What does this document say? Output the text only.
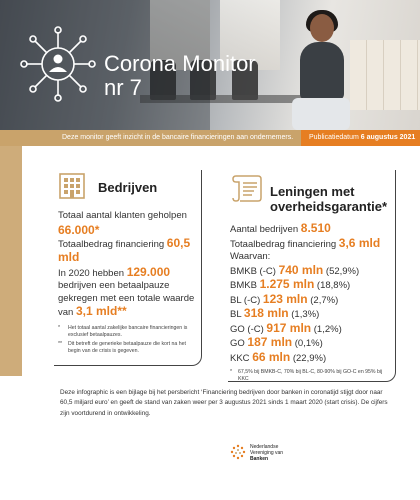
Corona Monitor
nr 7
Deze monitor geeft inzicht in de bancaire financieringen aan ondernemers.	Publicatiedatum 6 augustus 2021
Bedrijven
Totaal aantal klanten geholpen
66.000*
Totaalbedrag financiering 60,5 mld
In 2020 hebben 129.000 bedrijven een betaalpauze gekregen met een totale waarde van 3,1 mld**
*	Het totaal aantal zakelijke bancaire financieringen is exclusief betaalpauzes.
**	Dit betreft de generieke betaalpauze die kort na het begin van de crisis is gegeven.
Leningen met
overheidsgarantie*
Aantal bedrijven 8.510
Totaalbedrag financiering 3,6 mld
Waarvan:
BMKB (-C) 740 mln (52,9%)
BMKB 1.275 mln (18,8%)
BL (-C) 123 mln (2,7%)
BL 318 mln (1,3%)
GO (-C) 917 mln (1,2%)
GO 187 mln (0,1%)
KKC 66 mln (22,9%)
*	67,5% bij BMKB-C, 70% bij BL-C, 80-90% bij GO-C en 95% bij KKC
Deze infographic is een bijlage bij het persbericht ‘Financiering bedrijven door banken in coronatijd stijgt door naar 60,5 miljard euro’ en geeft de stand van zaken weer per 3 augustus 2021 sinds 1 maart 2020 (start crisis). De cijfers zijn voortdurend in ontwikkeling.
Nederlandse
Vereniging van
Banken
